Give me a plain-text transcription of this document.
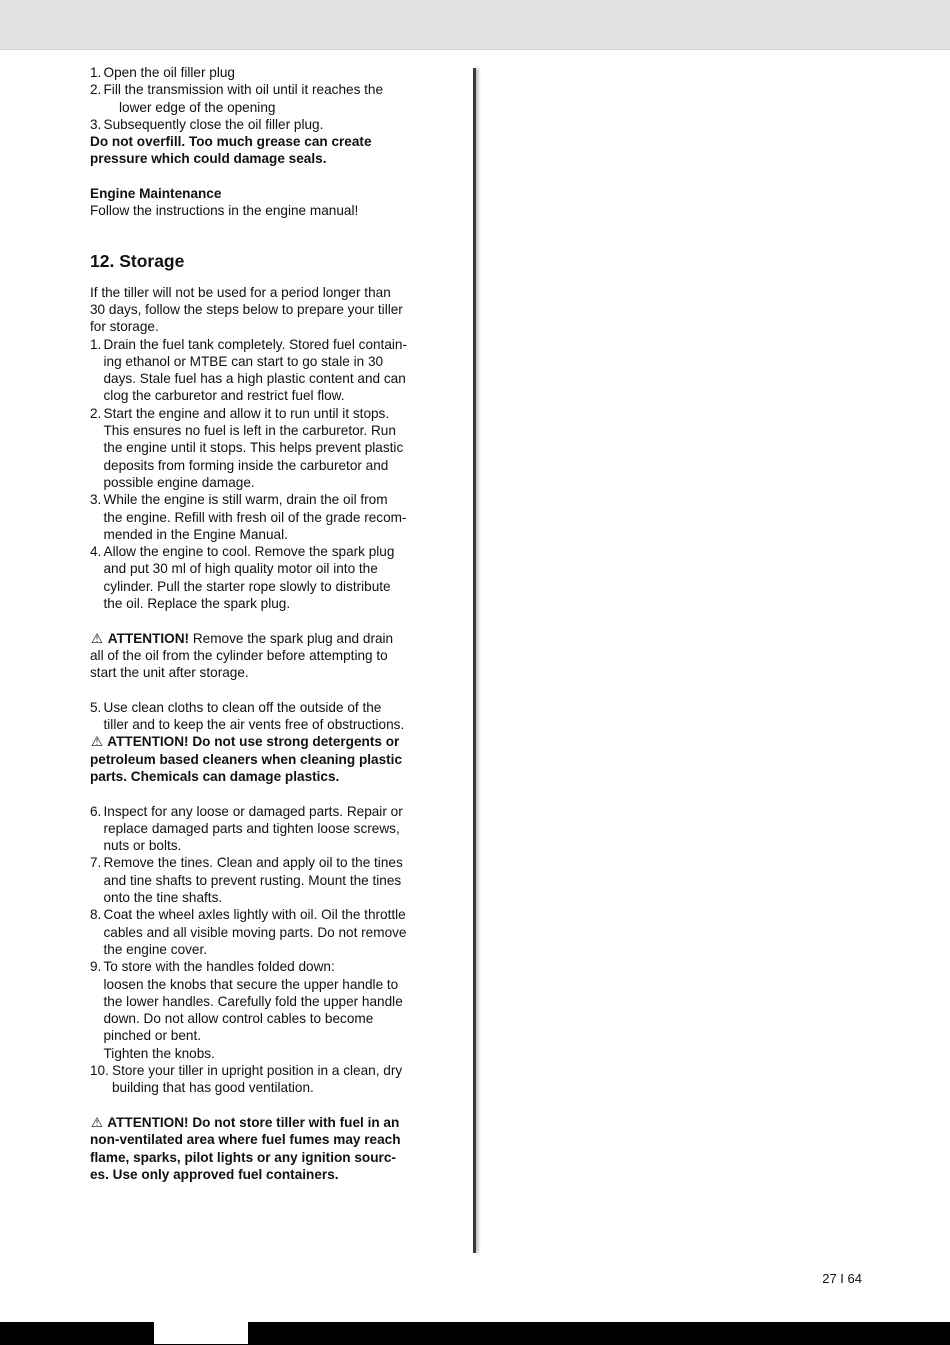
1. Open the oil filler plug
2. Fill the transmission with oil until it reaches the

lower edge of the opening

3. Subsequently close the oil filler plug.

Do not overfill. Too much grease can create

pressure which could damage seals.

Engine Maintenance

Follow the instructions in the engine manual!

12. Storage

If the tiller will not be used for a period longer than

30 days, follow the steps below to prepare your tiller

for storage.

1. Drain the fuel tank completely. Stored fuel contain-
ing ethanol or MTBE can start to go stale in 30
days. Stale fuel has a high plastic content and can
clog the carburetor and restrict fuel flow.
2. Start the engine and allow it to run until it stops.
This ensures no fuel is left in the carburetor. Run
the engine until it stops. This helps prevent plastic
deposits from forming inside the carburetor and
possible engine damage.
3. While the engine is still warm, drain the oil from
the engine. Refill with fresh oil of the grade recom-
mended in the Engine Manual.
4. Allow the engine to cool. Remove the spark plug
and put 30 ml of high quality motor oil into the
cylinder. Pull the starter rope slowly to distribute
the oil. Replace the spark plug.

⚠ ATTENTION! Remove the spark plug and drain

all of the oil from the cylinder before attempting to

start the unit after storage.

5. Use clean cloths to clean off the outside of the
tiller and to keep the air vents free of obstructions.

⚠ ATTENTION! Do not use strong detergents or

petroleum based cleaners when cleaning plastic

parts. Chemicals can damage plastics.

6. Inspect for any loose or damaged parts. Repair or
replace damaged parts and tighten loose screws,
nuts or bolts.
7. Remove the tines. Clean and apply oil to the tines
and tine shafts to prevent rusting. Mount the tines
onto the tine shafts.
8. Coat the wheel axles lightly with oil. Oil the throttle
cables and all visible moving parts. Do not remove
the engine cover.
9. To store with the handles folded down:
loosen the knobs that secure the upper handle to
the lower handles. Carefully fold the upper handle
down. Do not allow control cables to become
pinched or bent.
Tighten the knobs.
10. Store your tiller in upright position in a clean, dry
building that has good ventilation.

⚠ ATTENTION! Do not store tiller with fuel in an

non-ventilated area where fuel fumes may reach

flame, sparks, pilot lights or any ignition sourc-

es. Use only approved fuel containers.

27 I 64
